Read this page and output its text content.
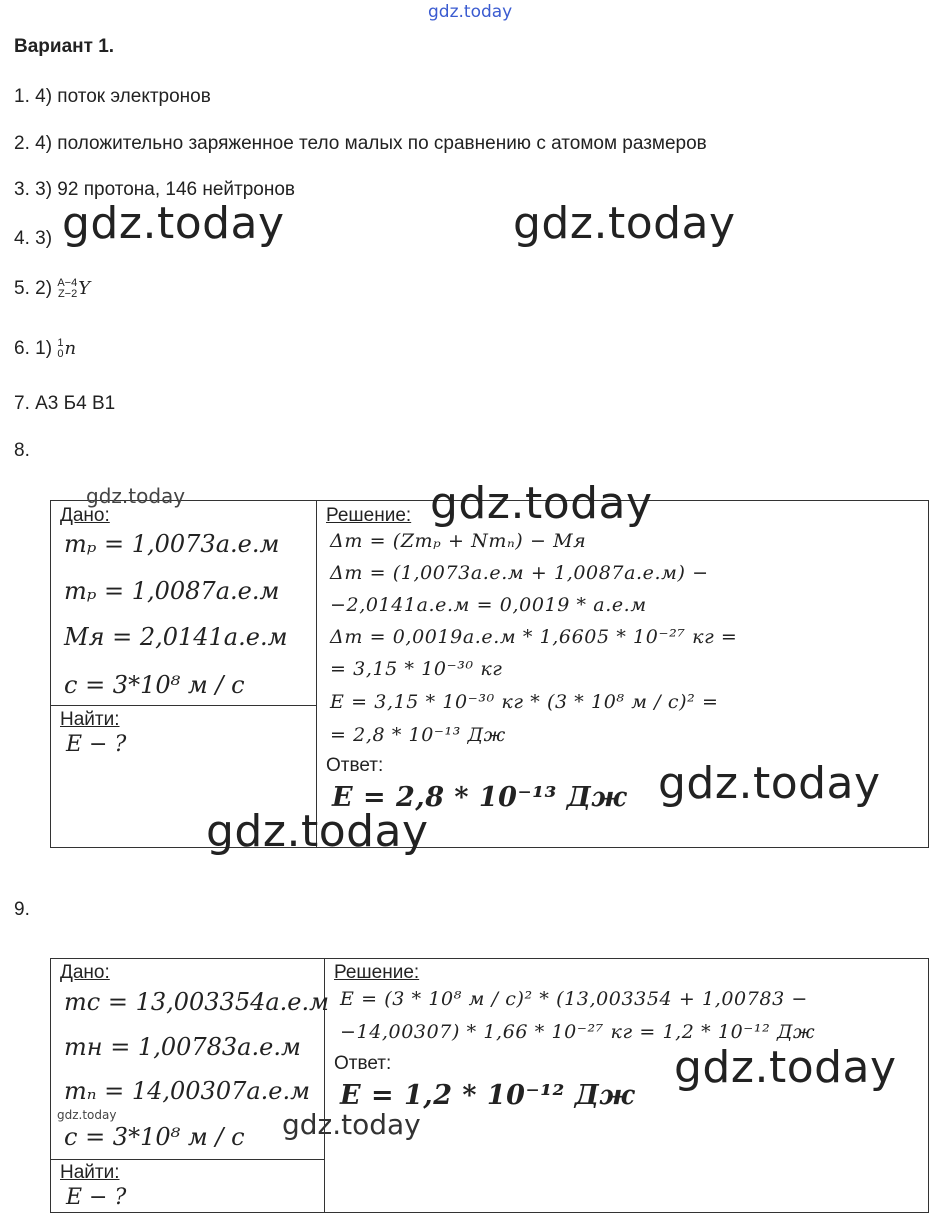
gdz.today
Вариант 1.
1. 4) поток электронов
2. 4) положительно заряженное тело малых по сравнению с атомом размеров
3. 3) 92 протона, 146 нейтронов
4. 3)
5. 2) A−4
Z−2 Y
6. 1) 1
0 n
7. А3 Б4 В1
8.
Дано:
mₚ = 1,0073а.е.м
mₚ = 1,0087а.е.м
Mя = 2,0141а.е.м
c = 3*10⁸ м / с
Найти:
E − ?
Решение:
Δm = (Zmₚ + Nmₙ) − Mя
Δm = (1,0073а.е.м + 1,0087а.е.м) −
−2,0141а.е.м = 0,0019 * а.е.м
Δm = 0,0019а.е.м * 1,6605 * 10⁻²⁷ кг =
= 3,15 * 10⁻³⁰ кг
E = 3,15 * 10⁻³⁰ кг * (3 * 10⁸ м / с)² =
= 2,8 * 10⁻¹³ Дж
Ответ:
E = 2,8 * 10⁻¹³ Дж
9.
Дано:
mс = 13,003354а.е.м
mн = 1,00783а.е.м
mₙ = 14,00307а.е.м
c = 3*10⁸ м / с
Найти:
E − ?
Решение:
E = (3 * 10⁸ м / с)² * (13,003354 + 1,00783 −
−14,00307) * 1,66 * 10⁻²⁷ кг = 1,2 * 10⁻¹² Дж
Ответ:
E = 1,2 * 10⁻¹² Дж
gdz.today	gdz.today
gdz.today	gdz.today
gdz.today
gdz.today
gdz.today
gdz.today	gdz.today
